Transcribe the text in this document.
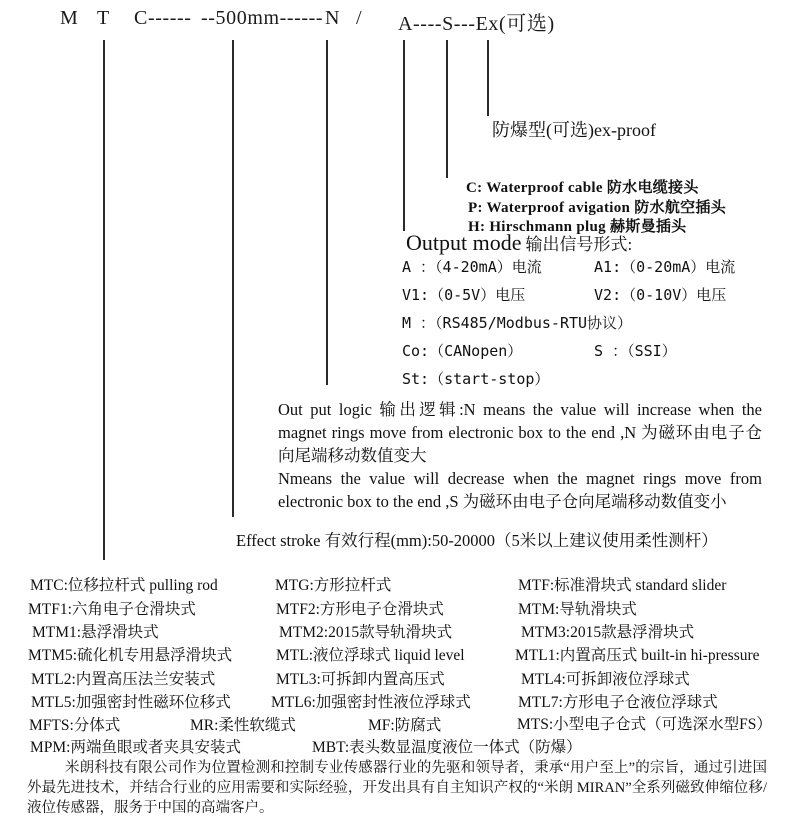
M T C------ --500mm------ N / A----S---Ex(可选)
防爆型(可选)ex-proof
C: Waterproof cable 防水电缆接头
P: Waterproof avigation 防水航空插头
H: Hirschmann plug 赫斯曼插头
Output mode 输出信号形式:
A ：（4-20mA）电流	A1:（0-20mA）电流
V1:（0-5V）电压	V2:（0-10V）电压
M ：（RS485/Modbus-RTU协议）
Co:（CANopen）	S ：（SSI）
St:（start-stop）

Out put logic 输出逻辑:N means the value will increase when the magnet rings move from electronic box to the end ,N 为磁环由电子仓向尾端移动数值变大

Nmeans the value will decrease when the magnet rings move from electronic box to the end ,S 为磁环由电子仓向尾端移动数值变小

Effect stroke 有效行程(mm):50-20000（5米以上建议使用柔性测杆）
MTC:位移拉杆式 pulling rod	MTG:方形拉杆式	MTF:标准滑块式 standard slider
MTF1:六角电子仓滑块式	MTF2:方形电子仓滑块式	MTM:导轨滑块式
MTM1:悬浮滑块式	MTM2:2015款导轨滑块式	MTM3:2015款悬浮滑块式
MTM5:硫化机专用悬浮滑块式	MTL:液位浮球式 liquid level	MTL1:内置高压式 built-in hi-pressure
MTL2:内置高压法兰安装式	MTL3:可拆卸内置高压式	MTL4:可拆卸液位浮球式
MTL5:加强密封性磁环位移式	MTL6:加强密封性液位浮球式	MTL7:方形电子仓液位浮球式
MFTS:分体式	MR:柔性软缆式	MF:防腐式	MTS:小型电子仓式（可选深水型FS）
MPM:两端鱼眼或者夹具安装式	MBT:表头数显温度液位一体式（防爆）
米朗科技有限公司作为位置检测和控制专业传感器行业的先驱和领导者，秉承“用户至上”的宗旨，通过引进国外最先进技术，并结合行业的应用需要和实际经验，开发出具有自主知识产权的“米朗 MIRAN”全系列磁致伸缩位移/液位传感器，服务于中国的高端客户。
